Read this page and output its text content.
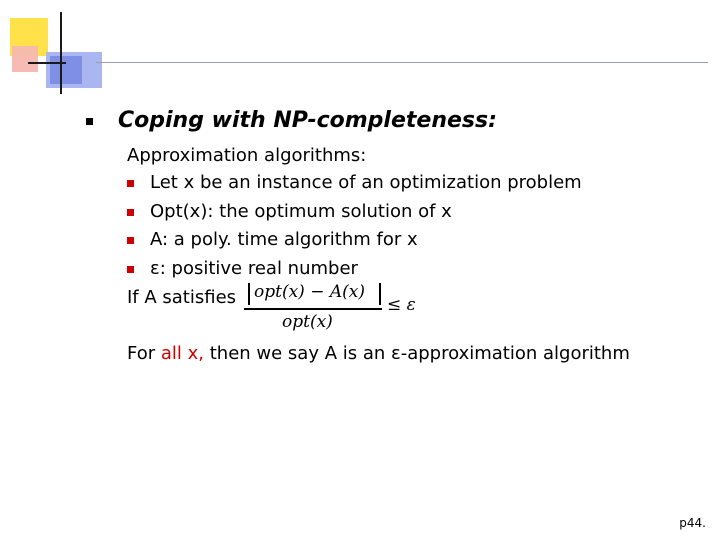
Coping with NP-completeness:
Approximation algorithms:
Let x be an instance of an optimization problem
Opt(x): the optimum solution of x
A: a poly. time algorithm for x
ε: positive real number
If A satisfies opt(x) − A(x)
opt(x)
≤ ε
For all x, then we say A is an ε-approximation algorithm
p44.
